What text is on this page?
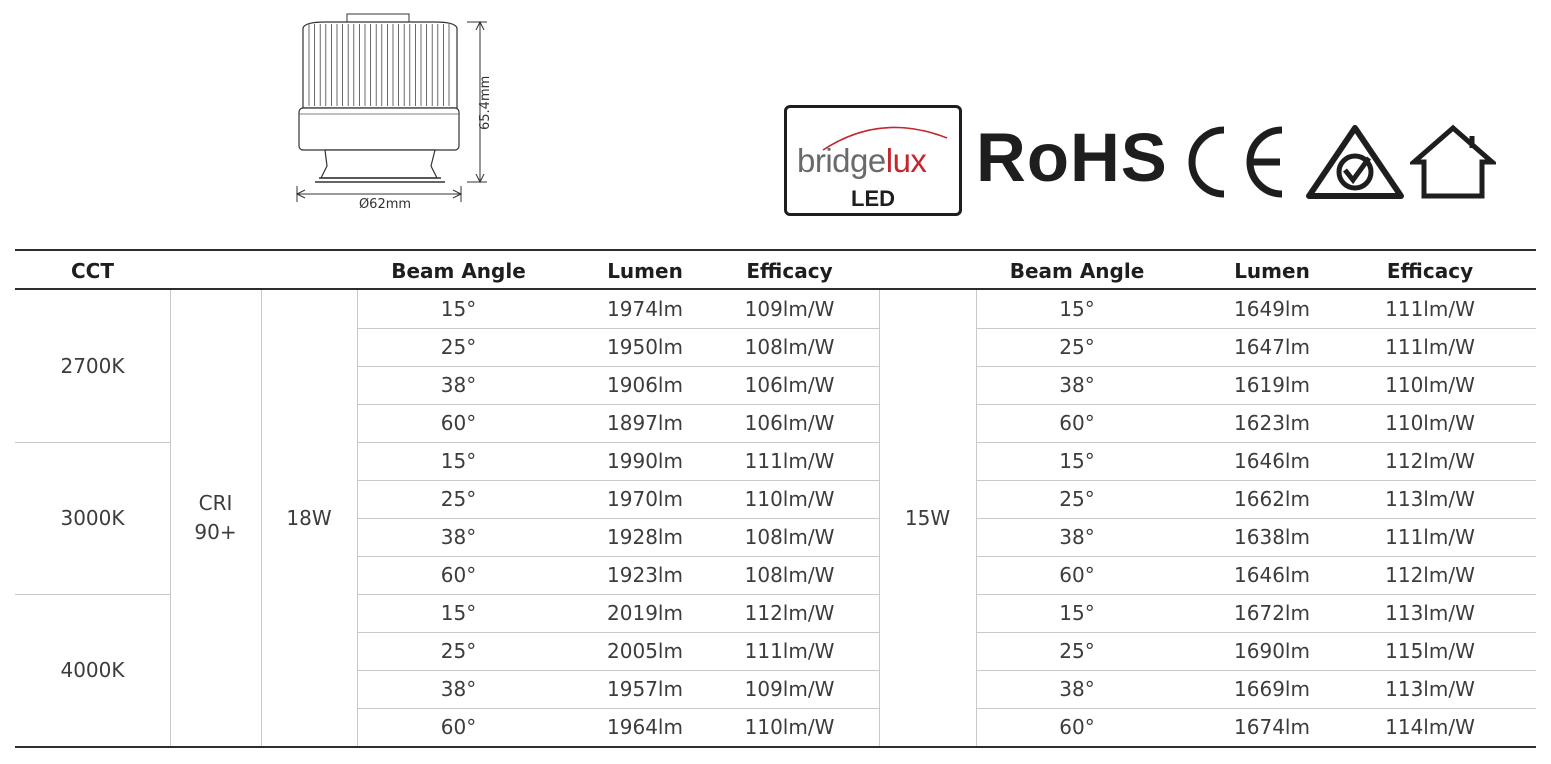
65.4mm
Ø62mm
bridgelux
LED
RoHS
CCT	Beam Angle	Lumen	Efficacy	Beam Angle	Lumen	Efficacy
CRI
90+
18W	15W
2700K
15°	1974lm	109lm/W	15°	1649lm	111lm/W
25°	1950lm	108lm/W	25°	1647lm	111lm/W
38°	1906lm	106lm/W	38°	1619lm	110lm/W
60°	1897lm	106lm/W	60°	1623lm	110lm/W
3000K
15°	1990lm	111lm/W	15°	1646lm	112lm/W
25°	1970lm	110lm/W	25°	1662lm	113lm/W
38°	1928lm	108lm/W	38°	1638lm	111lm/W
60°	1923lm	108lm/W	60°	1646lm	112lm/W
4000K
15°	2019lm	112lm/W	15°	1672lm	113lm/W
25°	2005lm	111lm/W	25°	1690lm	115lm/W
38°	1957lm	109lm/W	38°	1669lm	113lm/W
60°	1964lm	110lm/W	60°	1674lm	114lm/W
